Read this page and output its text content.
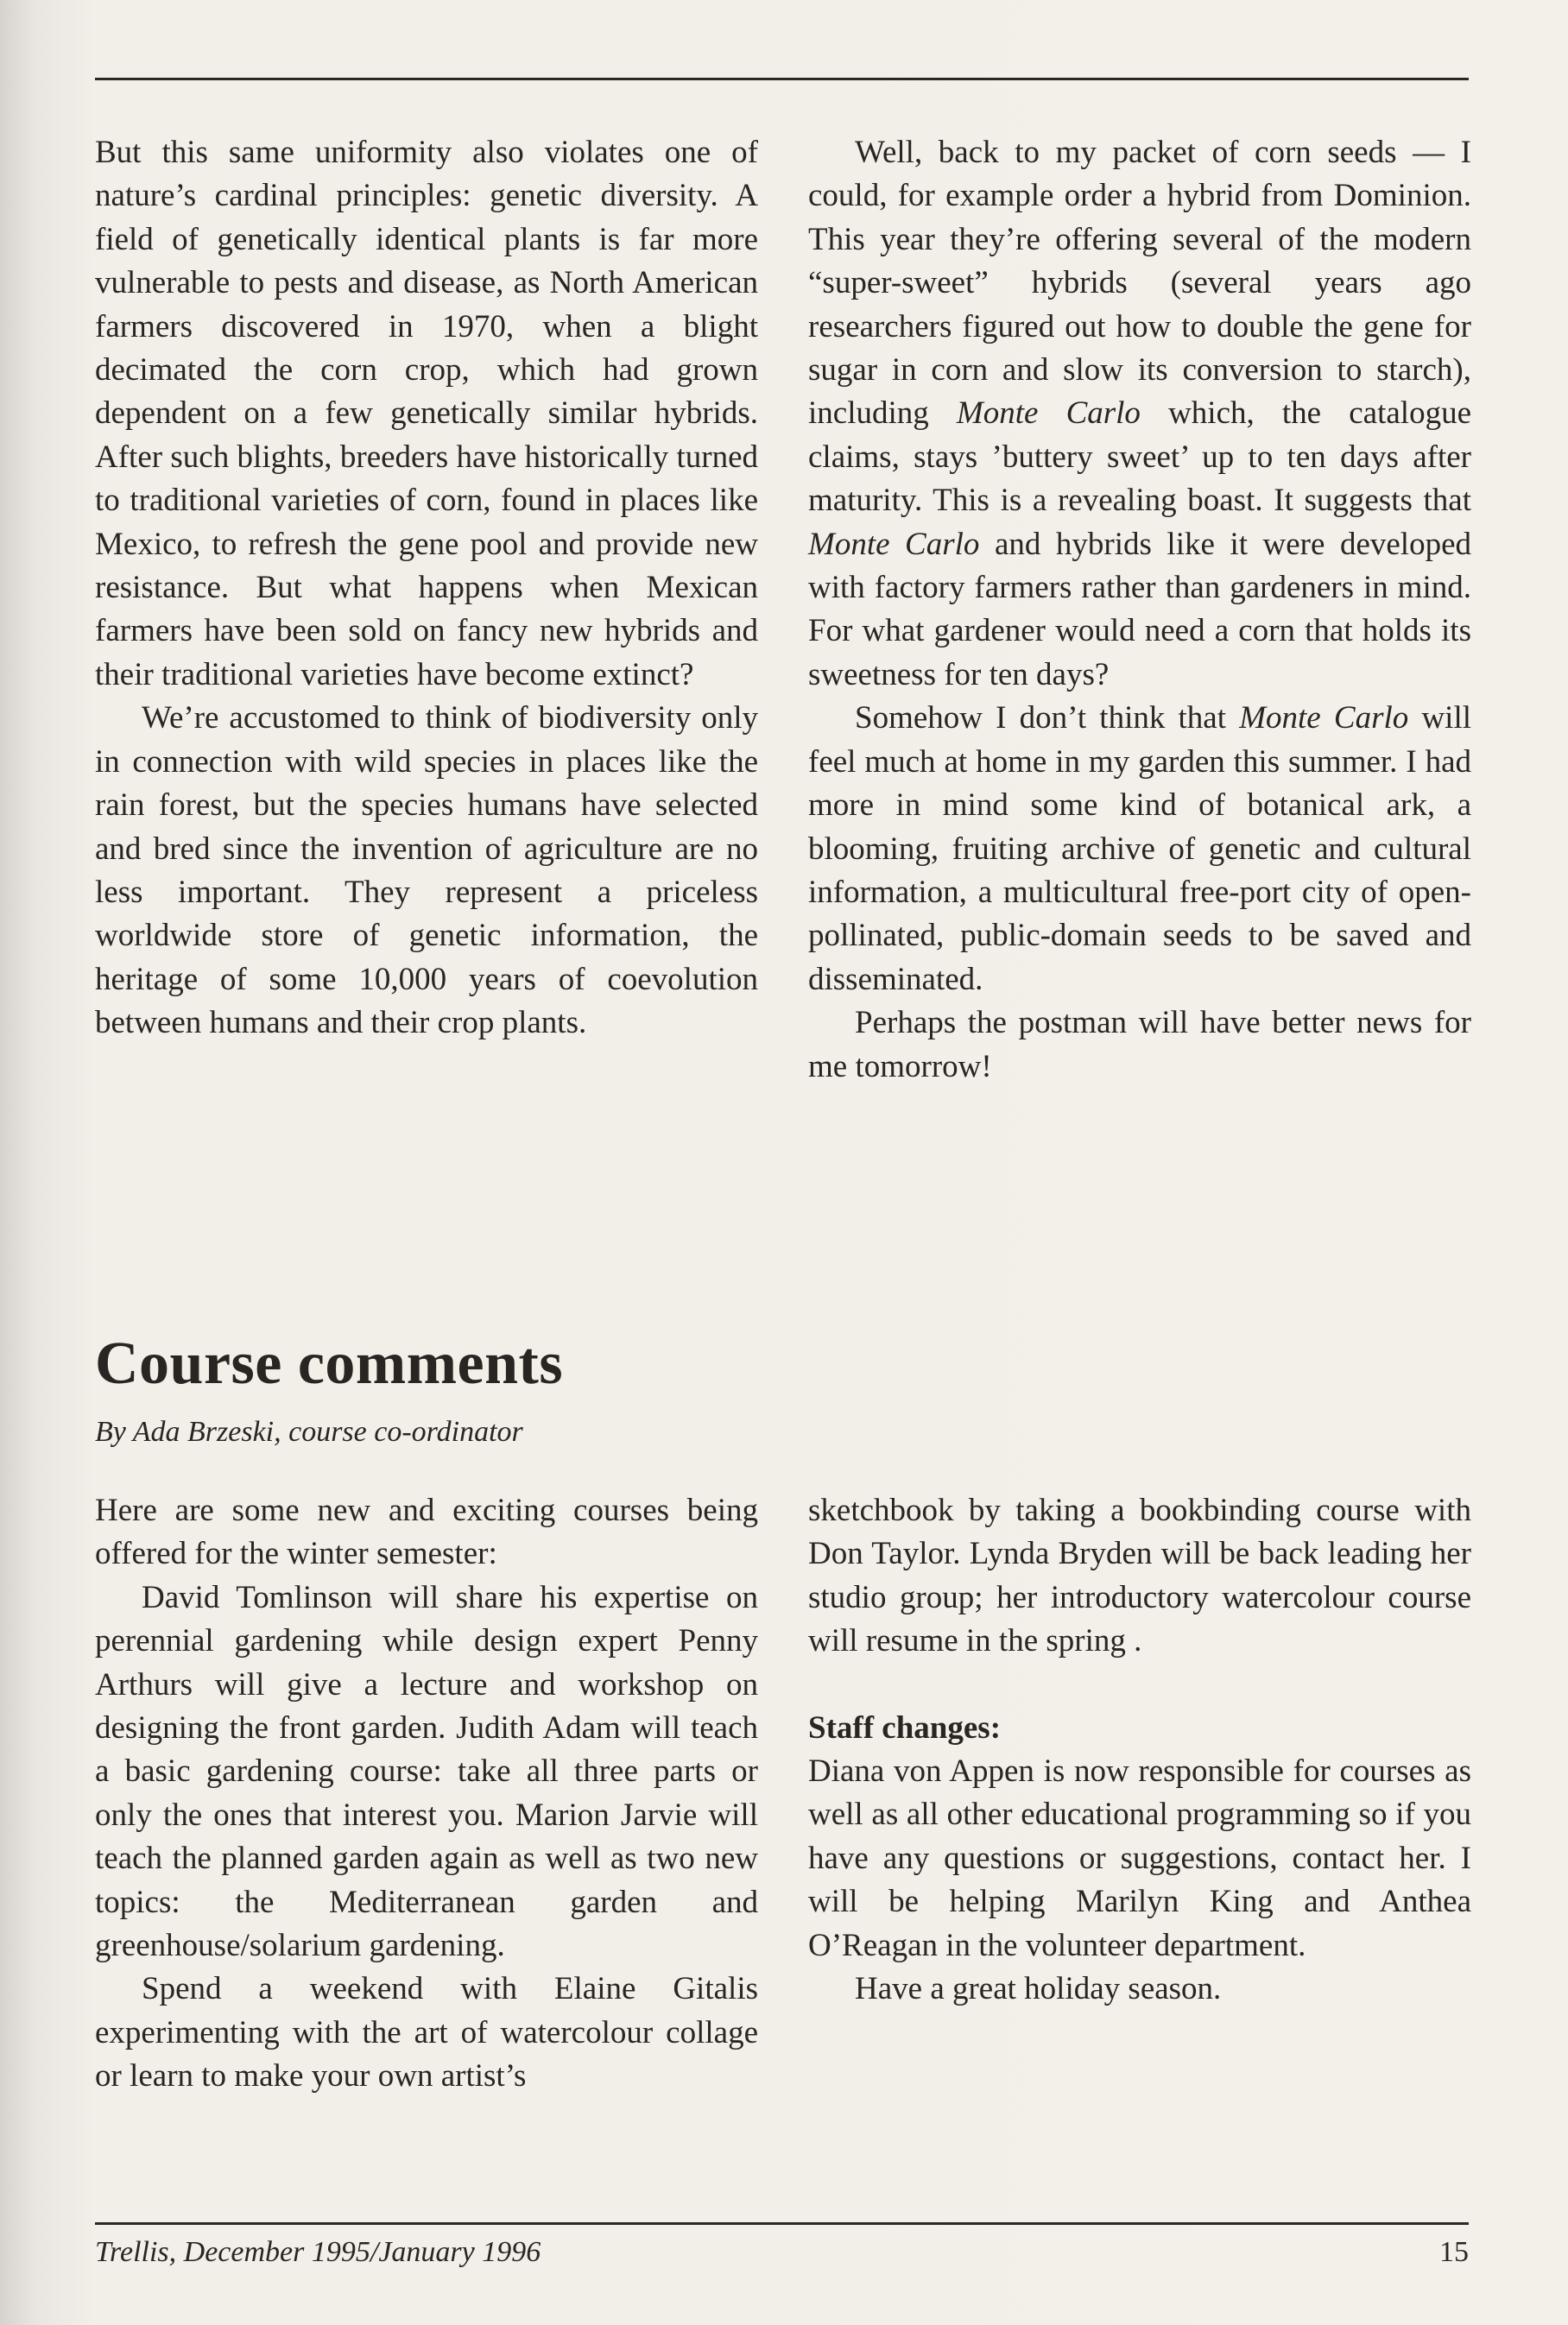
But this same uniformity also violates one of nature’s cardinal principles: genetic diversity. A field of genetically identical plants is far more vulnerable to pests and disease, as North American farmers discovered in 1970, when a blight decimated the corn crop, which had grown dependent on a few genetically similar hybrids. After such blights, breeders have historically turned to traditional varieties of corn, found in places like Mexico, to refresh the gene pool and provide new resistance. But what happens when Mexican farmers have been sold on fancy new hybrids and their traditional varieties have become extinct?

We’re accustomed to think of biodiversity only in connection with wild species in places like the rain forest, but the species humans have selected and bred since the invention of agriculture are no less important. They represent a priceless worldwide store of genetic information, the heritage of some 10,000 years of coevolution between humans and their crop plants.

Well, back to my packet of corn seeds — I could, for example order a hybrid from Dominion. This year they’re offering several of the modern “super-sweet” hybrids (several years ago researchers figured out how to double the gene for sugar in corn and slow its conversion to starch), including Monte Carlo which, the catalogue claims, stays ’buttery sweet’ up to ten days after maturity. This is a revealing boast. It suggests that Monte Carlo and hybrids like it were developed with factory farmers rather than gardeners in mind. For what gardener would need a corn that holds its sweetness for ten days?

Somehow I don’t think that Monte Carlo will feel much at home in my garden this summer. I had more in mind some kind of botanical ark, a blooming, fruiting archive of genetic and cultural information, a multicultural free-port city of open-pollinated, public-domain seeds to be saved and disseminated.

Perhaps the postman will have better news for me tomorrow!

Course comments

By Ada Brzeski, course co-ordinator

Here are some new and exciting courses being offered for the winter semester:

David Tomlinson will share his expertise on perennial gardening while design expert Penny Arthurs will give a lecture and workshop on designing the front garden. Judith Adam will teach a basic gardening course: take all three parts or only the ones that interest you. Marion Jarvie will teach the planned garden again as well as two new topics: the Mediterranean garden and greenhouse/solarium gardening.

Spend a weekend with Elaine Gitalis experimenting with the art of watercolour collage or learn to make your own artist’s

sketchbook by taking a bookbinding course with Don Taylor. Lynda Bryden will be back leading her studio group; her introductory watercolour course will resume in the spring .

Staff changes:

Diana von Appen is now responsible for courses as well as all other educational programming so if you have any questions or suggestions, contact her. I will be helping Marilyn King and Anthea O’Reagan in the volunteer department.

Have a great holiday season.

Trellis, December 1995/January 1996	15
